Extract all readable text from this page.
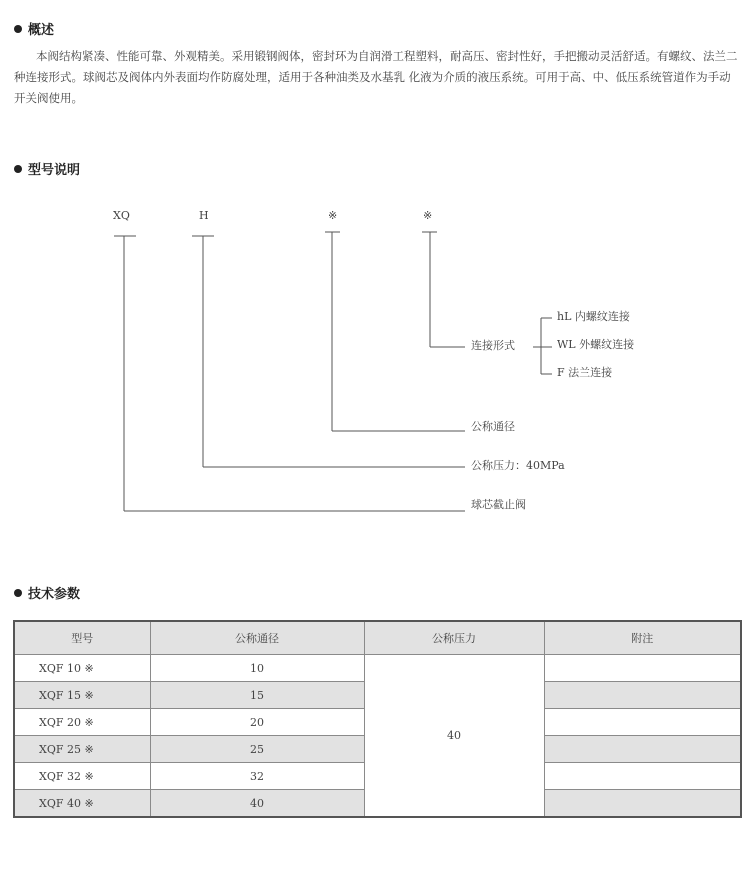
概述
本阀结构紧凑、性能可靠、外观精美。采用锻钢阀体，密封环为自润滑工程塑料，耐高压、密封性好，手把搬动灵活舒适。有螺纹、法兰二种连接形式。球阀芯及阀体内外表面均作防腐处理，适用于各种油类及水基乳 化液为介质的液压系统。可用于高、中、低压系统管道作为手动开关阀使用。
型号说明
XQ	H	※	※
连接形式
hL 内螺纹连接
WL 外螺纹连接
F 法兰连接
公称通径
公称压力：40MPa
球芯截止阀
技术参数
型号	公称通径	公称压力	附注
XQF 10 ※	10	40	
XQF 15 ※	15		
XQF 20 ※	20		
XQF 25 ※	25		
XQF 32 ※	32		
XQF 40 ※	40		
